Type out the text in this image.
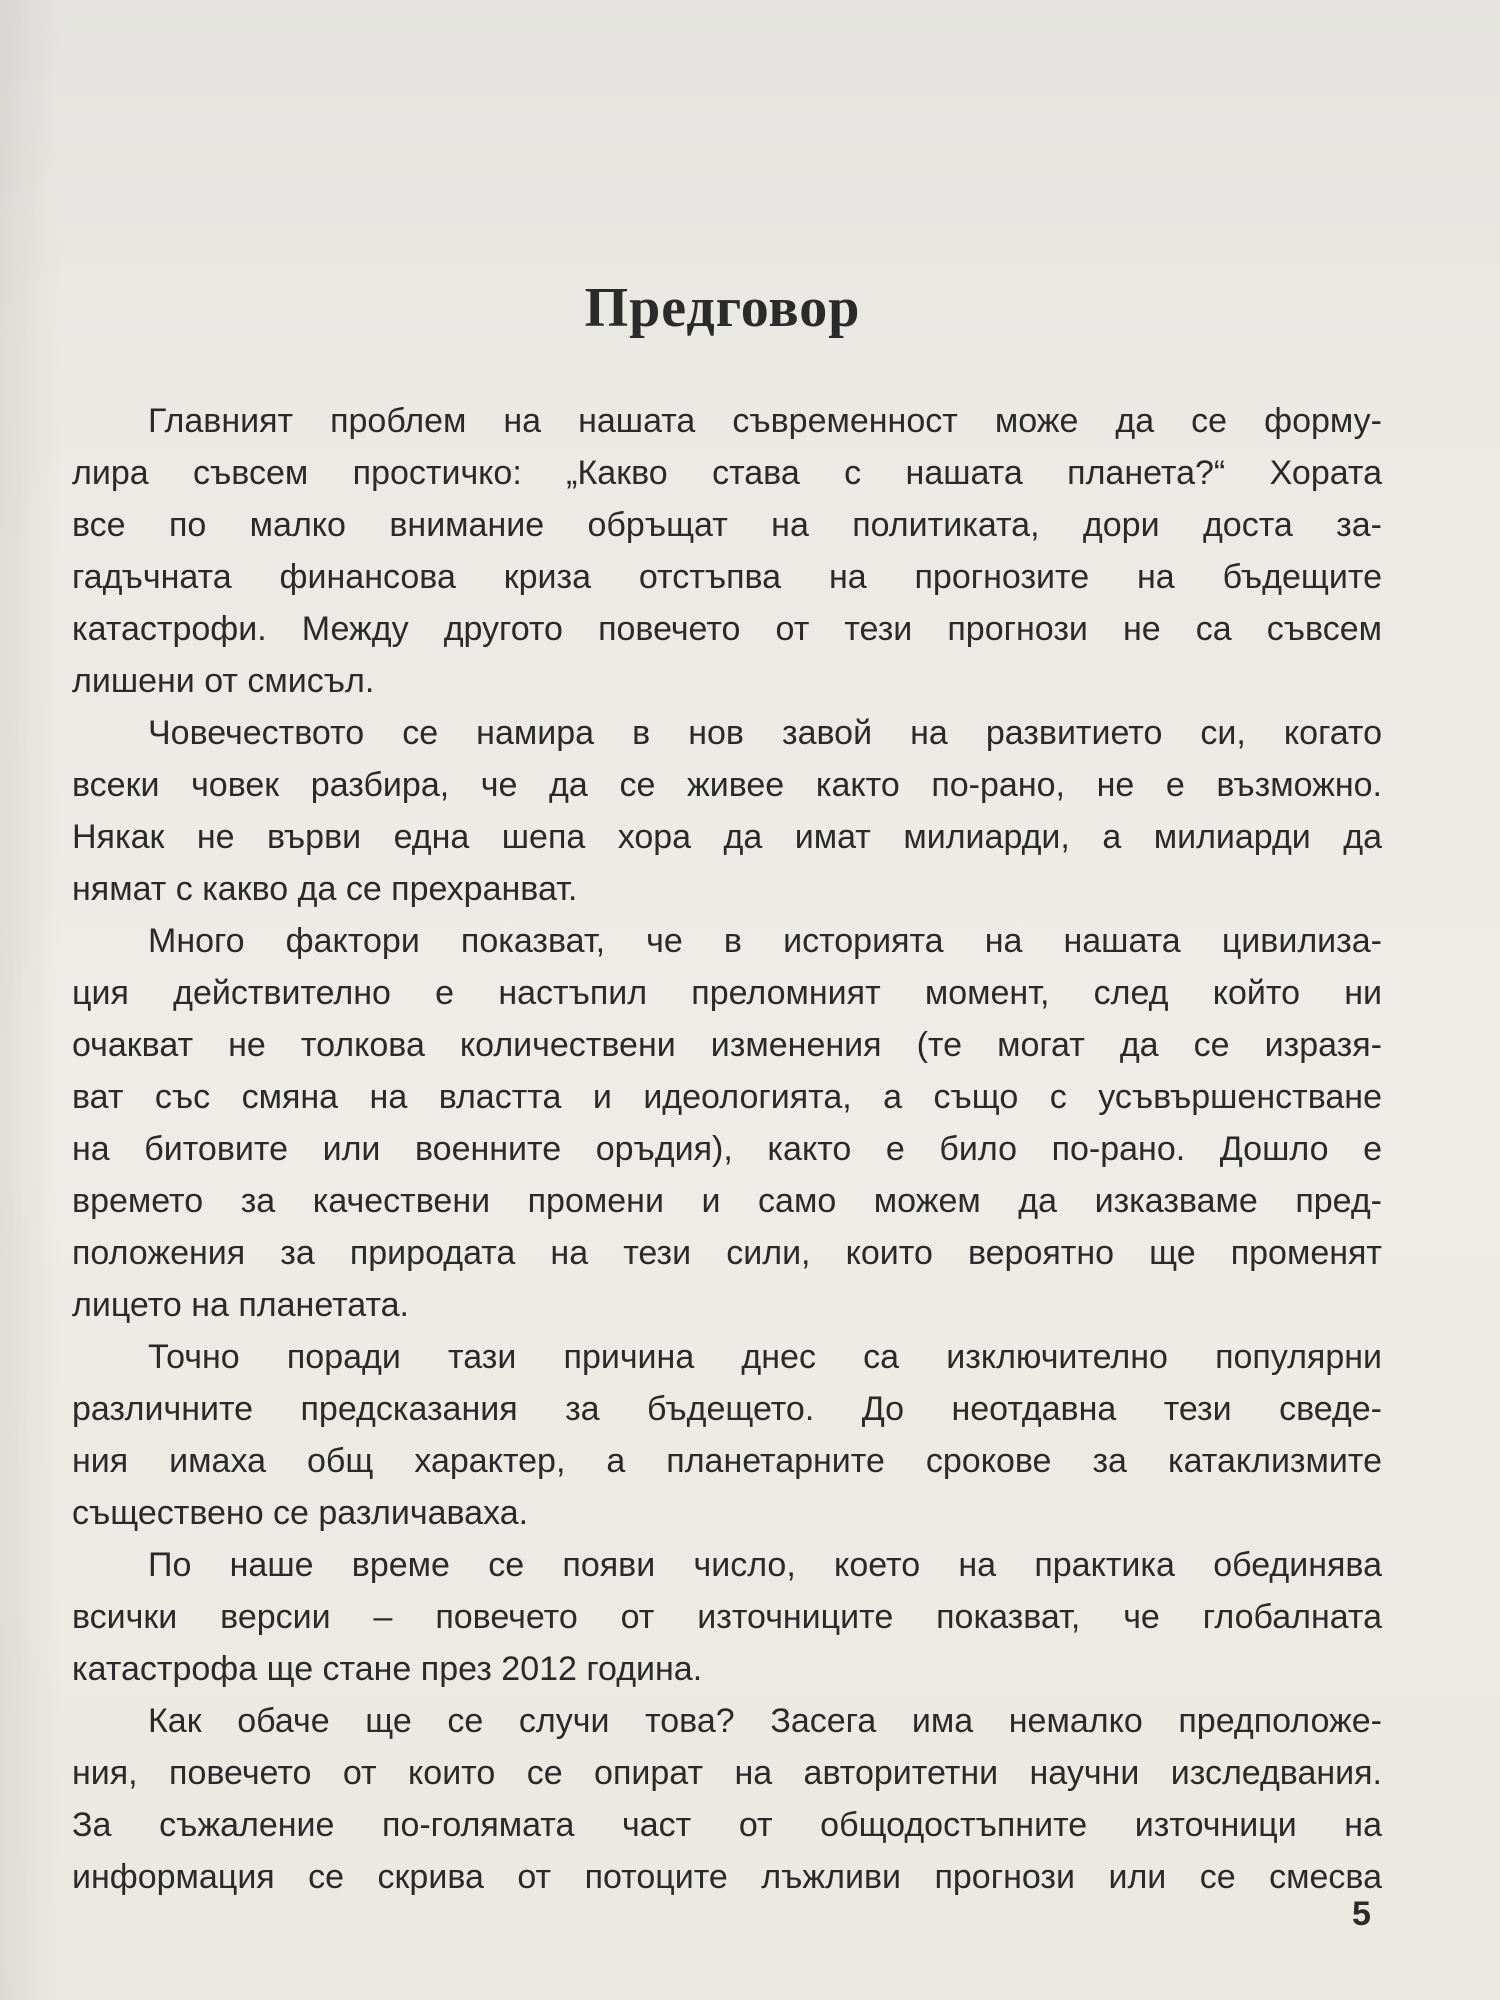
Предговор
Главният проблем на нашата съвременност може да се форму-
лира съвсем простичко: „Какво става с нашата планета?“ Хората
все по малко внимание обръщат на политиката, дори доста за-
гадъчната финансова криза отстъпва на прогнозите на бъдещите
катастрофи. Между другото повечето от тези прогнози не са съвсем
лишени от смисъл.
Човечеството се намира в нов завой на развитието си, когато
всеки човек разбира, че да се живее както по-рано, не е възможно.
Някак не върви една шепа хора да имат милиарди, а милиарди да
нямат с какво да се прехранват.
Много фактори показват, че в историята на нашата цивилиза-
ция действително е настъпил преломният момент, след който ни
очакват не толкова количествени изменения (те могат да се изразя-
ват със смяна на властта и идеологията, а също с усъвършенстване
на битовите или военните оръдия), както е било по-рано. Дошло е
времето за качествени промени и само можем да изказваме пред-
положения за природата на тези сили, които вероятно ще променят
лицето на планетата.
Точно поради тази причина днес са изключително популярни
различните предсказания за бъдещето. До неотдавна тези сведе-
ния имаха общ характер, а планетарните срокове за катаклизмите
съществено се различаваха.
По наше време се появи число, което на практика обединява
всички версии – повечето от източниците показват, че глобалната
катастрофа ще стане през 2012 година.
Как обаче ще се случи това? Засега има немалко предположе-
ния, повечето от които се опират на авторитетни научни изследвания.
За съжаление по-голямата част от общодостъпните източници на
информация се скрива от потоците лъжливи прогнози или се смесва
5
